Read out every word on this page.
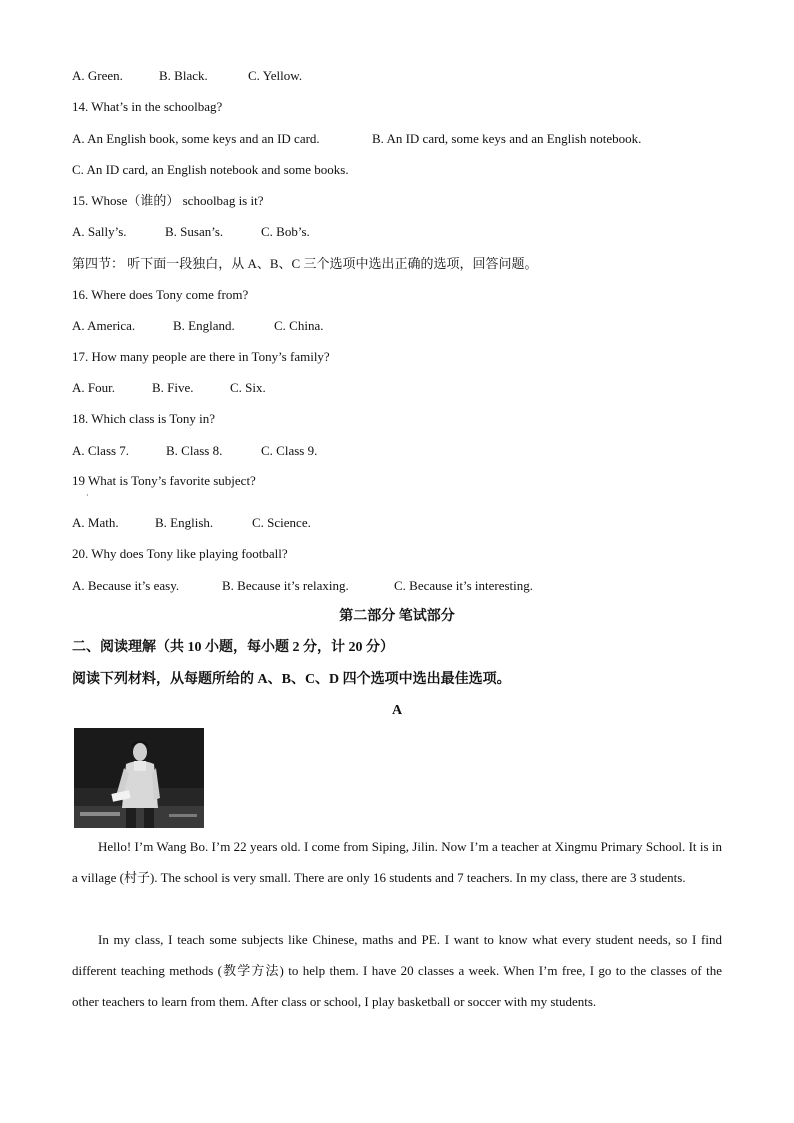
A. Green.	B. Black.	C. Yellow.
14. What’s in the schoolbag?
A. An English book, some keys and an ID card.	B. An ID card, some keys and an English notebook.
C. An ID card, an English notebook and some books.
15. Whose（谁的） schoolbag is it?
A. Sally’s.	B. Susan’s.	C. Bob’s.
第四节： 听下面一段独白，从 A、B、C 三个选项中选出正确的选项，回答问题。
16. Where does Tony come from?
A. America.	B. England.	C. China.
17. How many people are there in Tony’s family?
A. Four.	B. Five.	C. Six.
18. Which class is Tony in?
A. Class 7.	B. Class 8.	C. Class 9.
19 What is Tony’s favorite subject?
·
A. Math.	B. English.	C. Science.
20. Why does Tony like playing football?
A. Because it’s easy.	B. Because it’s relaxing.	C. Because it’s interesting.
第二部分 笔试部分
二、阅读理解（共 10 小题，每小题 2 分，计 20 分）
阅读下列材料，从每题所给的 A、B、C、D 四个选项中选出最佳选项。
A
Hello! I’m Wang Bo. I’m 22 years old. I come from Siping, Jilin. Now I’m a teacher at Xingmu Primary School. It is in a village (村子). The school is very small. There are only 16 students and 7 teachers. In my class, there are 3 students.
In my class, I teach some subjects like Chinese, maths and PE. I want to know what every student needs, so I find different teaching methods (教学方法) to help them. I have 20 classes a week. When I’m free, I go to the classes of the other teachers to learn from them. After class or school, I play basketball or soccer with my students.
